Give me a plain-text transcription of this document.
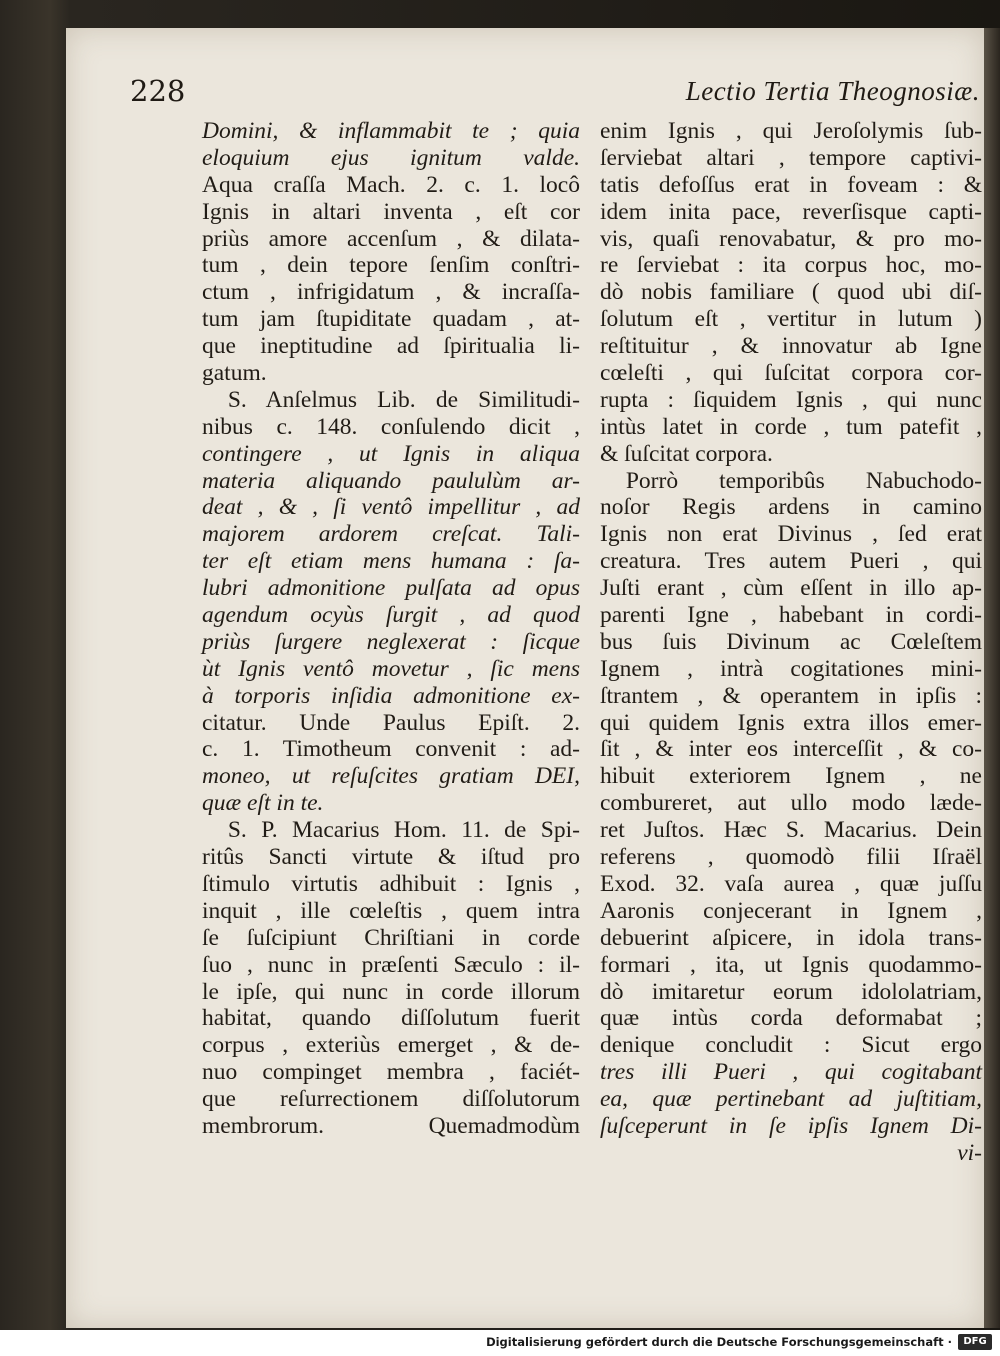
228	Lectio Tertia Theognosiæ.
Domini, & inflammabit te ; quia
eloquium ejus ignitum valde.
Aqua craſſa Mach. 2. c. 1. locô
Ignis in altari inventa , eſt cor
priùs amore accenſum , & dilata-
tum , dein tepore ſenſim conſtri-
ctum , infrigidatum , & incraſſa-
tum jam ſtupiditate quadam , at-
que ineptitudine ad ſpiritualia li-
gatum.
S. Anſelmus Lib. de Similitudi-
nibus c. 148. conſulendo dicit ,
contingere , ut Ignis in aliqua
materia aliquando paululùm ar-
deat , & , ſi ventô impellitur , ad
majorem ardorem creſcat. Tali-
ter eſt etiam mens humana : ſa-
lubri admonitione pulſata ad opus
agendum ocyùs ſurgit , ad quod
priùs ſurgere neglexerat : ſicque
ùt Ignis ventô movetur , ſic mens
à torporis inſidia admonitione ex-
citatur. Unde Paulus Epiſt. 2.
c. 1. Timotheum convenit : ad-
moneo, ut reſuſcites gratiam DEI,
quæ eſt in te.
S. P. Macarius Hom. 11. de Spi-
ritûs Sancti virtute & iſtud pro
ſtimulo virtutis adhibuit : Ignis ,
inquit , ille cœleſtis , quem intra
ſe ſuſcipiunt Chriſtiani in corde
ſuo , nunc in præſenti Sæculo : il-
le ipſe, qui nunc in corde illorum
habitat, quando diſſolutum fuerit
corpus , exteriùs emerget , & de-
nuo compinget membra , faciét-
que reſurrectionem diſſolutorum
membrorum. Quemadmodùm
enim Ignis , qui Jeroſolymis ſub-
ſerviebat altari , tempore captivi-
tatis defoſſus erat in foveam : &
idem inita pace, reverſisque capti-
vis, quaſi renovabatur, & pro mo-
re ſerviebat : ita corpus hoc, mo-
dò nobis familiare ( quod ubi diſ-
ſolutum eſt , vertitur in lutum )
reſtituitur , & innovatur ab Igne
cœleſti , qui ſuſcitat corpora cor-
rupta : ſiquidem Ignis , qui nunc
intùs latet in corde , tum patefit ,
& ſuſcitat corpora.
Porrò temporibûs Nabuchodo-
noſor Regis ardens in camino
Ignis non erat Divinus , ſed erat
creatura. Tres autem Pueri , qui
Juſti erant , cùm eſſent in illo ap-
parenti Igne , habebant in cordi-
bus ſuis Divinum ac Cœleſtem
Ignem , intrà cogitationes mini-
ſtrantem , & operantem in ipſis :
qui quidem Ignis extra illos emer-
ſit , & inter eos interceſſit , & co-
hibuit exteriorem Ignem , ne
combureret, aut ullo modo læde-
ret Juſtos. Hæc S. Macarius. Dein
referens , quomodò filii Iſraël
Exod. 32. vaſa aurea , quæ juſſu
Aaronis conjecerant in Ignem ,
debuerint aſpicere, in idola trans-
formari , ita, ut Ignis quodammo-
dò imitaretur eorum idololatriam,
quæ intùs corda deformabat ;
denique concludit : Sicut ergo
tres illi Pueri , qui cogitabant
ea, quæ pertinebant ad juſtitiam,
ſuſceperunt in ſe ipſis Ignem Di-
vi-
Digitalisierung gefördert durch die Deutsche Forschungsgemeinschaft ·	DFG
